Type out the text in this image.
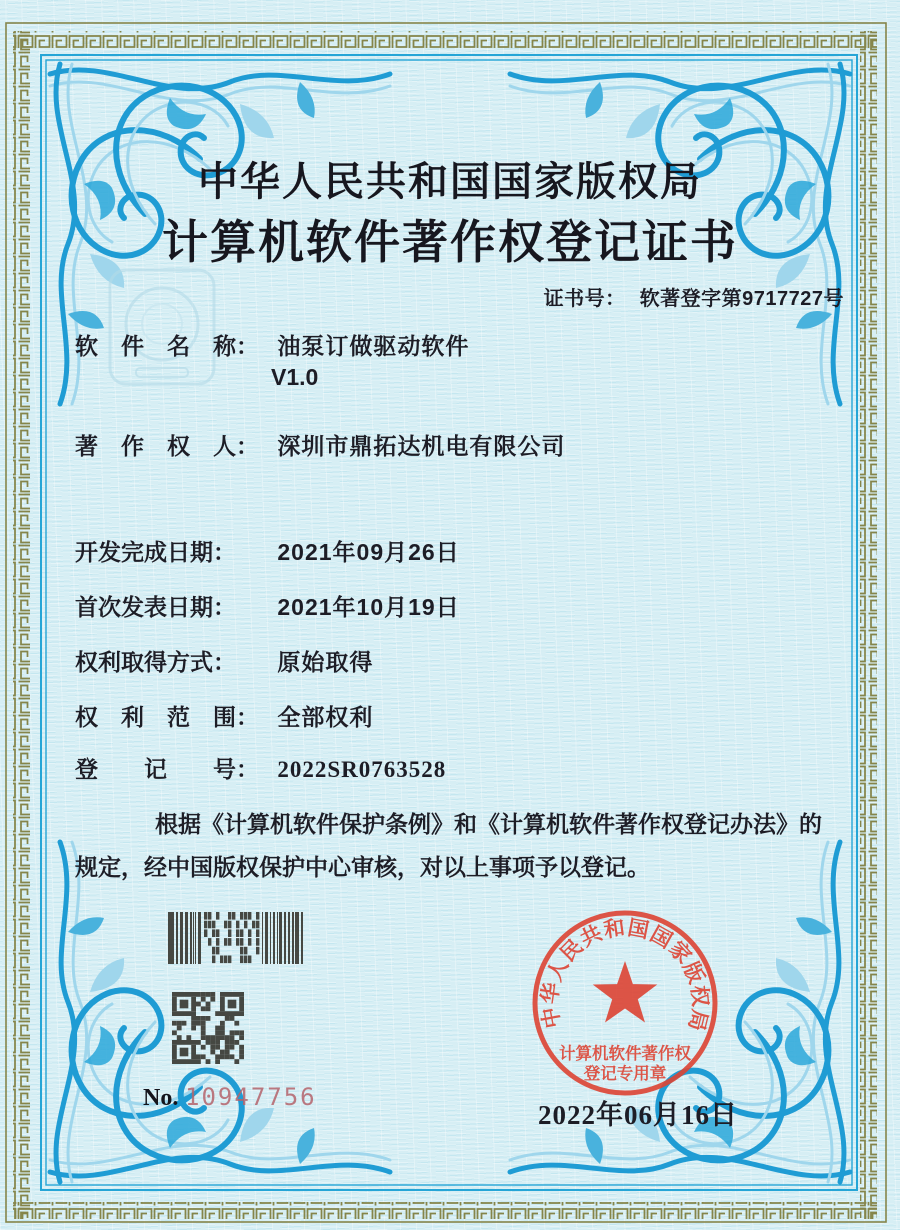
中华人民共和国国家版权局
计算机软件著作权登记证书
证书号： 软著登字第9717727号
软　件　名　称： 油泵订做驱动软件
V1.0
著　作　权　人： 深圳市鼎拓达机电有限公司
开发完成日期： 2021年09月26日
首次发表日期： 2021年10月19日
权利取得方式： 原始取得
权　利　范　围： 全部权利
登　　记　　号： 2022SR0763528
根据《计算机软件保护条例》和《计算机软件著作权登记办法》的
规定，经中国版权保护中心审核，对以上事项予以登记。
No. 10947756
2022年06月16日
中华人民共和国国家版权局
计算机软件著作权
登记专用章
